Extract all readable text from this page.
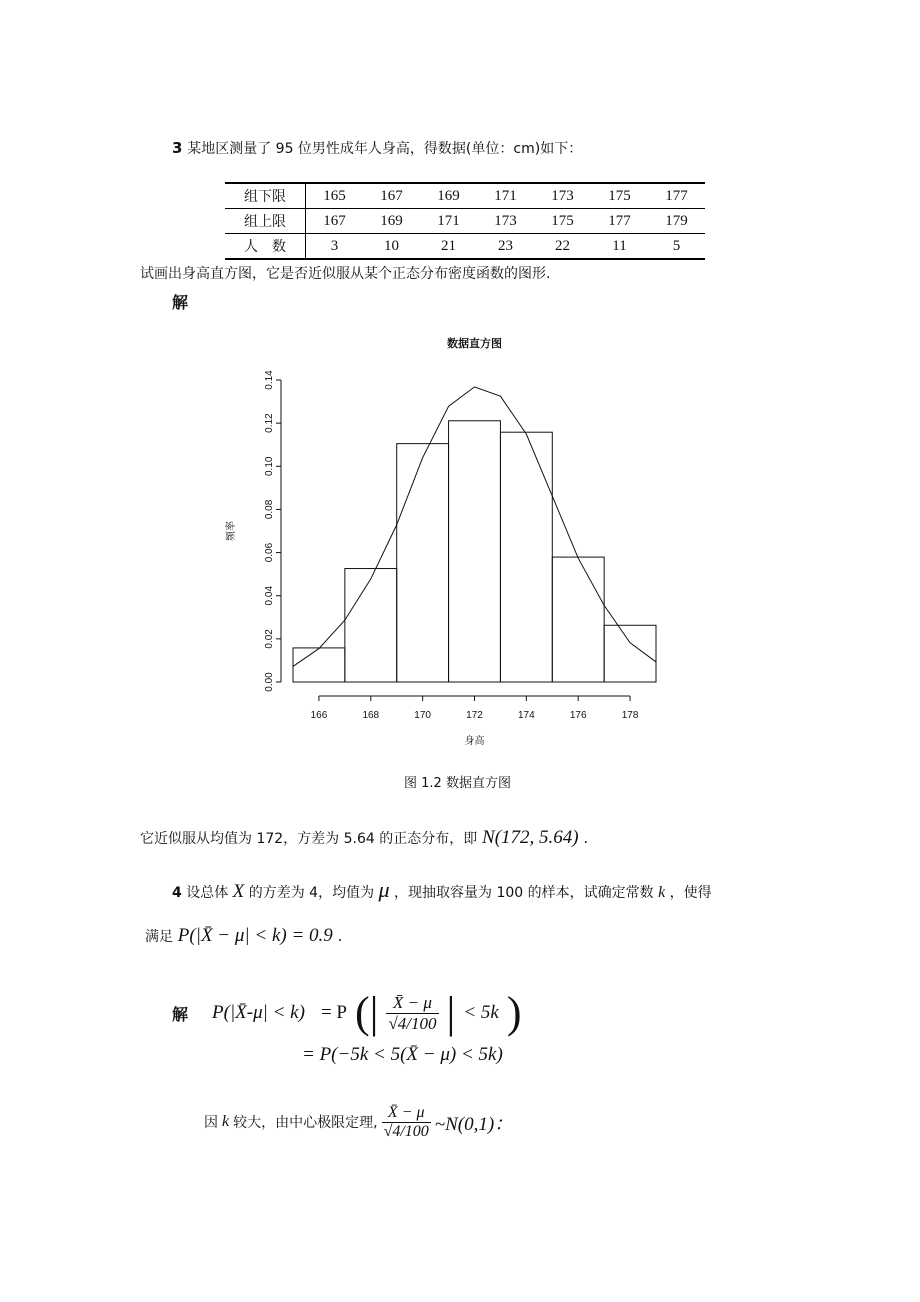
3 某地区测量了 95 位男性成年人身高，得数据(单位：cm)如下：
组下限	165	167	169	171	173	175	177
组上限	167	169	171	173	175	177	179
人　数	3	10	21	23	22	11	5
试画出身高直方图，它是否近似服从某个正态分布密度函数的图形.
解
数据直方图
0.00
0.02
0.04
0.06
0.08
0.10
0.12
0.14
166	168	170	172	174	176	178
身高
频率
图 1.2 数据直方图
它近似服从均值为 172，方差为 5.64 的正态分布，即 N(172, 5.64) .
4 设总体 X 的方差为 4，均值为 μ ，现抽取容量为 100 的样本，试确定常数 k ，使得
满足 P(|X̄ − μ| < k) = 0.9 .
解 P(|X̄-μ| < k) = P (| $\frac{X̄ - \mu}{√4/100}$ | < 5k )
= P(−5k < 5(X̄ − μ) < 5k)
因 k 较大，由中心极限定理, $\frac{X̄ - \mu}{√4/100}$ ~N(0,1)：
